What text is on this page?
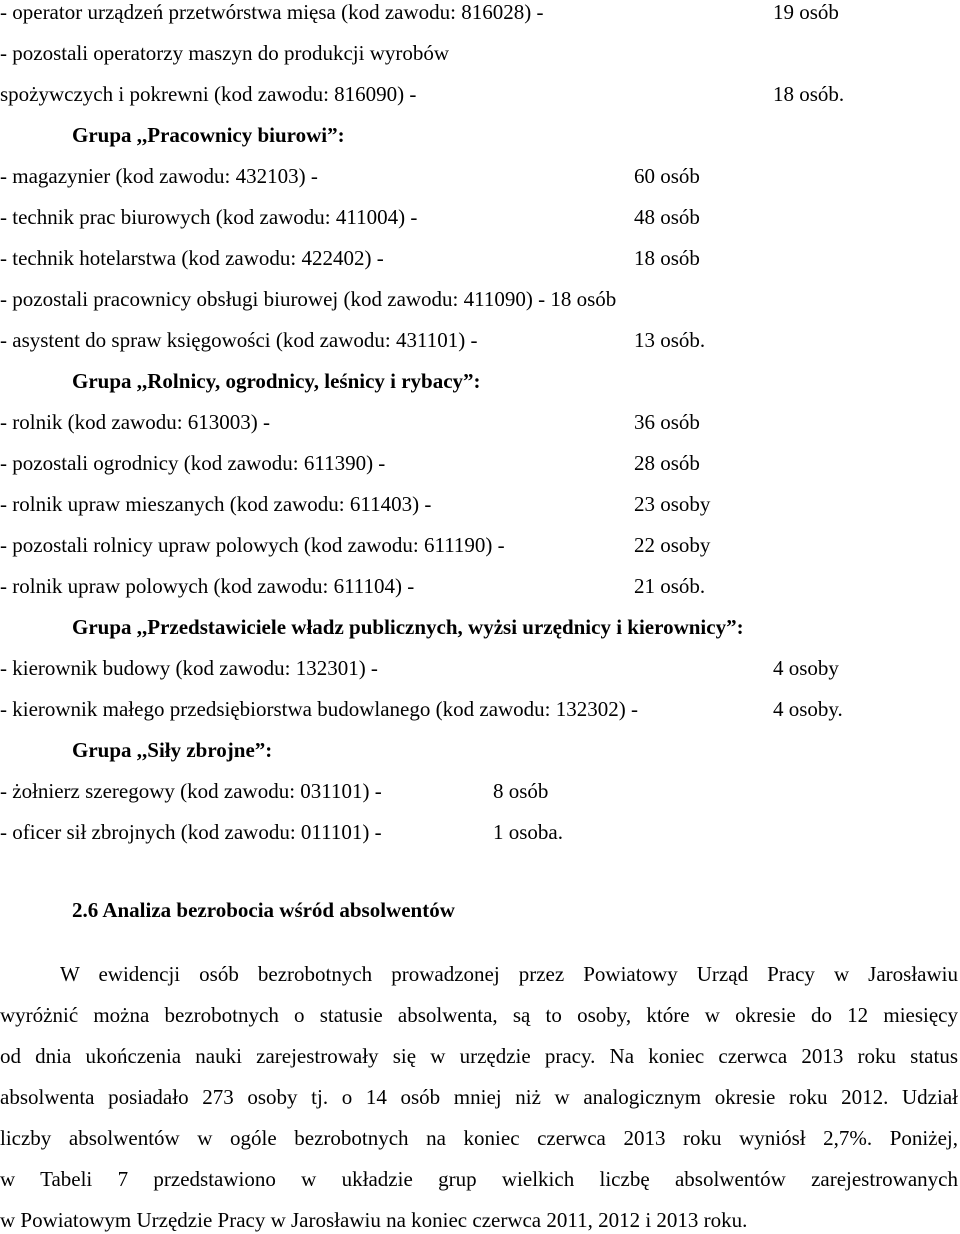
- operator urządzeń przetwórstwa mięsa (kod zawodu: 816028) -	19 osób
- pozostali operatorzy maszyn do produkcji wyrobów
spożywczych i pokrewni (kod zawodu: 816090) -	18 osób.
Grupa ,,Pracownicy biurowi”:
- magazynier (kod zawodu: 432103) -	60 osób
- technik prac biurowych (kod zawodu: 411004) -	48 osób
- technik hotelarstwa (kod zawodu: 422402) -	18 osób
- pozostali pracownicy obsługi biurowej (kod zawodu: 411090) - 18 osób
- asystent do spraw księgowości (kod zawodu: 431101) -	13 osób.
Grupa ,,Rolnicy, ogrodnicy, leśnicy i rybacy”:
- rolnik (kod zawodu: 613003) -	36 osób
- pozostali ogrodnicy (kod zawodu: 611390) -	28 osób
- rolnik upraw mieszanych (kod zawodu: 611403) -	23 osoby
- pozostali rolnicy upraw polowych (kod zawodu: 611190) -	22 osoby
- rolnik upraw polowych (kod zawodu: 611104) -	21 osób.
Grupa ,,Przedstawiciele władz publicznych, wyżsi urzędnicy i kierownicy”:
- kierownik budowy (kod zawodu: 132301) -	4 osoby
- kierownik małego przedsiębiorstwa budowlanego (kod zawodu: 132302) -	4 osoby.
Grupa ,,Siły zbrojne”:
- żołnierz szeregowy (kod zawodu: 031101) -	8 osób
- oficer sił zbrojnych (kod zawodu: 011101) -	1 osoba.
2.6 Analiza bezrobocia wśród absolwentów
W ewidencji osób bezrobotnych prowadzonej przez Powiatowy Urząd Pracy w Jarosławiu
wyróżnić można bezrobotnych o statusie absolwenta, są to osoby, które w okresie do 12 miesięcy
od dnia ukończenia nauki zarejestrowały się w urzędzie pracy. Na koniec czerwca 2013 roku status
absolwenta posiadało 273 osoby tj. o 14 osób mniej niż w analogicznym okresie roku 2012. Udział
liczby absolwentów w ogóle bezrobotnych na koniec czerwca 2013 roku wyniósł 2,7%. Poniżej,
w Tabeli 7 przedstawiono w układzie grup wielkich liczbę absolwentów zarejestrowanych
w Powiatowym Urzędzie Pracy w Jarosławiu na koniec czerwca 2011, 2012 i 2013 roku.
